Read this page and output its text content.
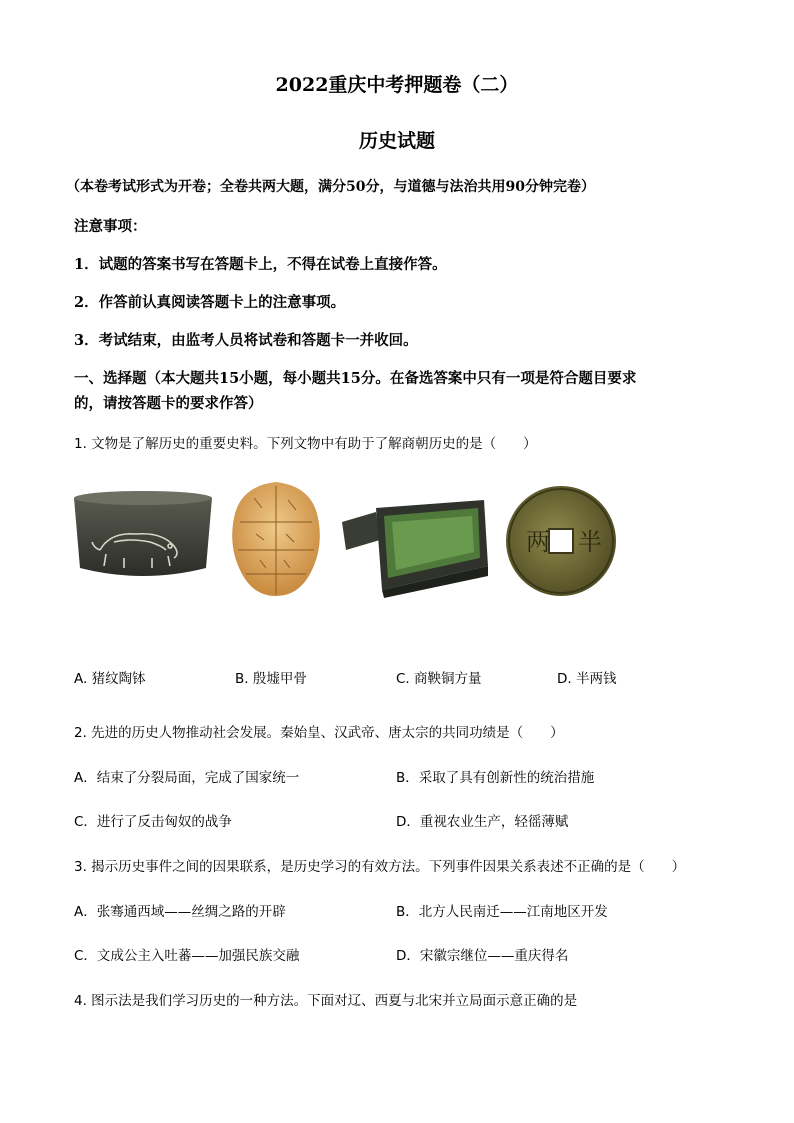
2022重庆中考押题卷（二）
历史试题
（本卷考试形式为开卷；全卷共两大题，满分50分，与道德与法治共用90分钟完卷）
注意事项：
1．试题的答案书写在答题卡上，不得在试卷上直接作答。
2．作答前认真阅读答题卡上的注意事项。
3．考试结束，由监考人员将试卷和答题卡一并收回。
一、选择题（本大题共15小题，每小题共15分。在备选答案中只有一项是符合题目要求
的，请按答题卡的要求作答）
1. 文物是了解历史的重要史料。下列文物中有助于了解商朝历史的是（　　）
两 半
A. 猪纹陶钵	B. 殷墟甲骨	C. 商鞅铜方量	D. 半两钱
2. 先进的历史人物推动社会发展。秦始皇、汉武帝、唐太宗的共同功绩是（　　）
A．结束了分裂局面，完成了国家统一	B．采取了具有创新性的统治措施
C．进行了反击匈奴的战争	D．重视农业生产，轻徭薄赋
3. 揭示历史事件之间的因果联系，是历史学习的有效方法。下列事件因果关系表述不正确的是（　　）
A．张骞通西域——丝绸之路的开辟	B．北方人民南迁——江南地区开发
C．文成公主入吐蕃——加强民族交融	D．宋徽宗继位——重庆得名
4. 图示法是我们学习历史的一种方法。下面对辽、西夏与北宋并立局面示意正确的是
